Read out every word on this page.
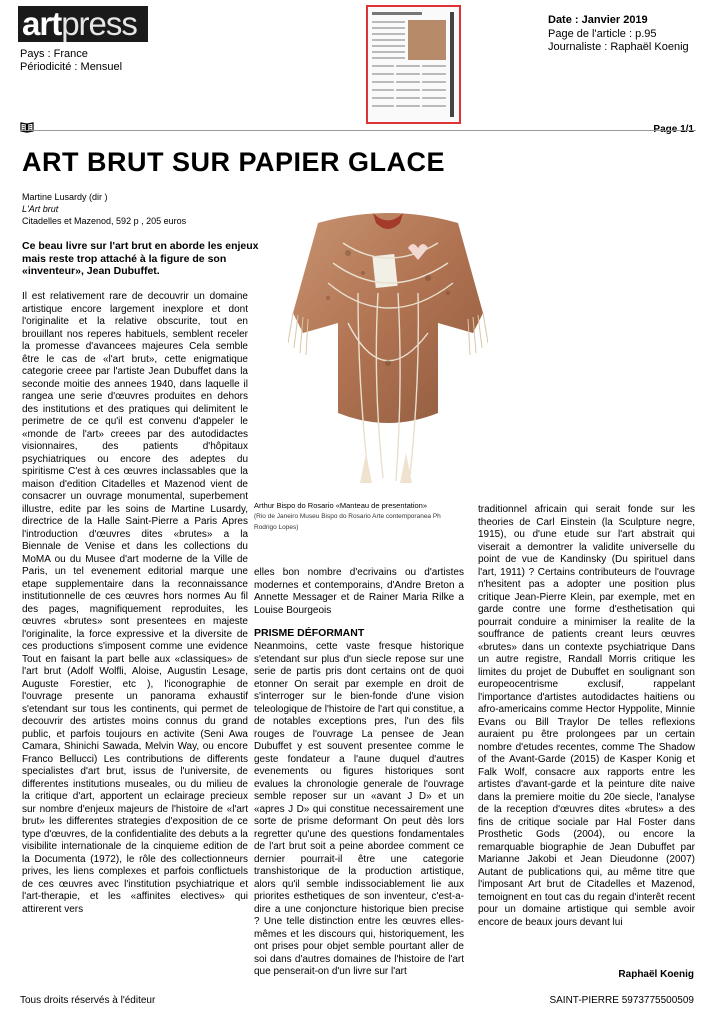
artpress
Pays : France
Périodicité : Mensuel
Date : Janvier 2019
Page de l'article : p.95
Journaliste : Raphaël Koenig
ART BRUT SUR PAPIER GLACE
Martine Lusardy (dir )
L'Art brut
Citadelles et Mazenod, 592 p , 205 euros
Ce beau livre sur l'art brut en aborde les enjeux mais reste trop attaché à la figure de son «inventeur», Jean Dubuffet.
Arthur Bispo do Rosario «Manteau de presentation»
(Rio de Janeiro Museu Bispo do Rosario Arte contemporanea Ph Rodrigo Lopes)

Il est relativement rare de decouvrir un domaine artistique encore largement inexplore et dont l'originalite et la relative obscurite, tout en brouillant nos reperes habituels, semblent receler la promesse d'avancees majeures Cela semble être le cas de «l'art brut», cette enigmatique categorie creee par l'artiste Jean Dubuffet dans la seconde moitie des annees 1940, dans laquelle il rangea une serie d'œuvres produites en dehors des institutions et des pratiques qui delimitent le perimetre de ce qu'il est convenu d'appeler le «monde de l'art» creees par des autodidactes visionnaires, des patients d'hôpitaux psychiatriques ou encore des adeptes du spiritisme C'est à ces œuvres inclassables que la maison d'edition Citadelles et Mazenod vient de consacrer un ouvrage monumental, superbement illustre, edite par les soins de Martine Lusardy, directrice de la Halle Saint-Pierre a Paris Apres l'introduction d'œuvres dites «brutes» a la Biennale de Venise et dans les collections du MoMA ou du Musee d'art moderne de la Ville de Paris, un tel evenement editorial marque une etape supplementaire dans la reconnaissance institutionnelle de ces œuvres hors normes Au fil des pages, magnifiquement reproduites, les œuvres «brutes» sont presentees en majeste l'originalite, la force expressive et la diversite de ces productions s'imposent comme une evidence Tout en faisant la part belle aux «classiques» de l'art brut (Adolf Wolfli, Aloise, Augustin Lesage, Auguste Forestier, etc ), l'iconographie de l'ouvrage presente un panorama exhaustif s'etendant sur tous les continents, qui permet de decouvrir des artistes moins connus du grand public, et parfois toujours en activite (Seni Awa Camara, Shinichi Sawada, Melvin Way, ou encore Franco Bellucci) Les contributions de differents specialistes d'art brut, issus de l'universite, de differentes institutions museales, ou du milieu de la critique d'art, apportent un eclairage precieux sur nombre d'enjeux majeurs de l'histoire de «l'art brut» les differentes strategies d'exposition de ce type d'œuvres, de la confidentialite des debuts a la visibilite internationale de la cinquieme edition de la Documenta (1972), le rôle des collectionneurs prives, les liens complexes et parfois conflictuels de ces œuvres avec l'institution psychiatrique et l'art-therapie, et les «affinites electives» qui attirerent vers

elles bon nombre d'ecrivains ou d'artistes modernes et contemporains, d'Andre Breton a Annette Messager et de Rainer Maria Rilke a Louise Bourgeois

PRISME DÉFORMANT

Neanmoins, cette vaste fresque historique s'etendant sur plus d'un siecle repose sur une serie de partis pris dont certains ont de quoi etonner On serait par exemple en droit de s'interroger sur le bien-fonde d'une vision teleologique de l'histoire de l'art qui constitue, a de notables exceptions pres, l'un des fils rouges de l'ouvrage La pensee de Jean Dubuffet y est souvent presentee comme le geste fondateur a l'aune duquel d'autres evenements ou figures historiques sont evalues la chronologie generale de l'ouvrage semble reposer sur un «avant J D» et un «apres J D» qui constitue necessairement une sorte de prisme deformant On peut dès lors regretter qu'une des questions fondamentales de l'art brut soit a peine abordee comment ce dernier pourrait-il être une categorie transhistorique de la production artistique, alors qu'il semble indissociablement lie aux priorites esthetiques de son inventeur, c'est-a-dire a une conjoncture historique bien precise ? Une telle distinction entre les œuvres elles-mêmes et les discours qui, historiquement, les ont prises pour objet semble pourtant aller de soi dans d'autres domaines de l'histoire de l'art que penserait-on d'un livre sur l'art

traditionnel africain qui serait fonde sur les theories de Carl Einstein (la Sculpture negre, 1915), ou d'une etude sur l'art abstrait qui viserait a demontrer la validite universelle du point de vue de Kandinsky (Du spirituel dans l'art, 1911) ? Certains contributeurs de l'ouvrage n'hesitent pas a adopter une position plus critique Jean-Pierre Klein, par exemple, met en garde contre une forme d'esthetisation qui pourrait conduire a minimiser la realite de la souffrance de patients creant leurs œuvres «brutes» dans un contexte psychiatrique Dans un autre registre, Randall Morris critique les limites du projet de Dubuffet en soulignant son europeocentrisme exclusif, rappelant l'importance d'artistes autodidactes haitiens ou afro-americains comme Hector Hyppolite, Minnie Evans ou Bill Traylor De telles reflexions auraient pu être prolongees par un certain nombre d'etudes recentes, comme The Shadow of the Avant-Garde (2015) de Kasper Konig et Falk Wolf, consacre aux rapports entre les artistes d'avant-garde et la peinture dite naive dans la premiere moitie du 20e siecle, l'analyse de la reception d'œuvres dites «brutes» a des fins de critique sociale par Hal Foster dans Prosthetic Gods (2004), ou encore la remarquable biographie de Jean Dubuffet par Marianne Jakobi et Jean Dieudonne (2007) Autant de publications qui, au même titre que l'imposant Art brut de Citadelles et Mazenod, temoignent en tout cas du regain d'interêt recent pour un domaine artistique qui semble avoir encore de beaux jours devant lui

Raphaël Koenig
Tous droits réservés à l'éditeur	SAINT-PIERRE 5973775500509
